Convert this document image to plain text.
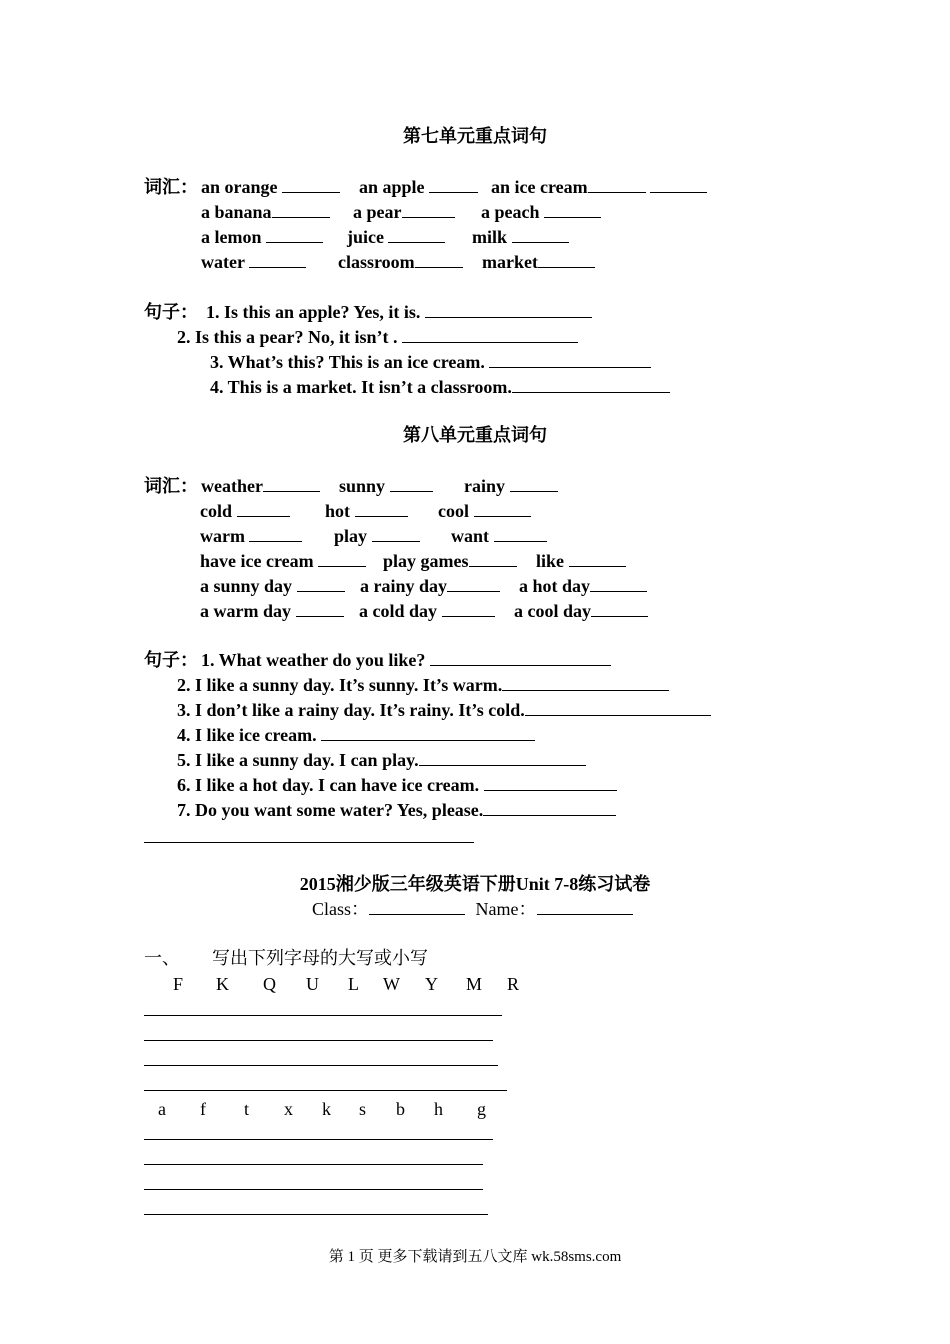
第七单元重点词句
词汇： an orange	an apple	an ice cream
a banana	a pear	a peach
a lemon	juice	milk
water	classroom	market
句子： 1. Is this an apple? Yes, it is.
2. Is this a pear? No, it isn’t .
3. What’s this? This is an ice cream.
4. This is a market. It isn’t a classroom.
第八单元重点词句
词汇： weather	sunny	rainy
cold	hot	cool
warm	play	want
have ice cream	play games	like
a sunny day	a rainy day	a hot day
a warm day	a cold day	a cool day
句子： 1. What weather do you like?
2. I like a sunny day. It’s sunny. It’s warm.
3. I don’t like a rainy day. It’s rainy. It’s cold.
4. I like ice cream.
5. I like a sunny day. I can play.
6. I like a hot day. I can have ice cream.
7. Do you want some water? Yes, please.
2015湘少版三年级英语下册Unit 7-8练习试卷
Class：	Name：
一、 写出下列字母的大写或小写
F K Q U L W Y M R
a f t x k s b h g
第 1 页 更多下载请到五八文库 wk.58sms.com
